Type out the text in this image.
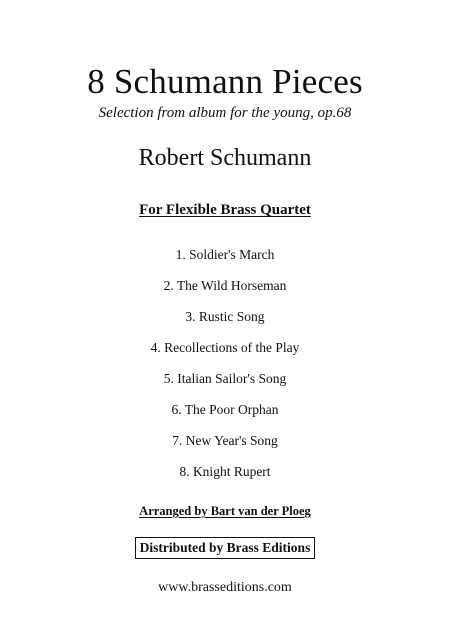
8 Schumann Pieces
Selection from album for the young, op.68
Robert Schumann
For Flexible Brass Quartet
1. Soldier's March
2. The Wild Horseman
3. Rustic Song
4. Recollections of the Play
5. Italian Sailor's Song
6. The Poor Orphan
7. New Year's Song
8. Knight Rupert
Arranged by Bart van der Ploeg
Distributed by Brass Editions
www.brasseditions.com
